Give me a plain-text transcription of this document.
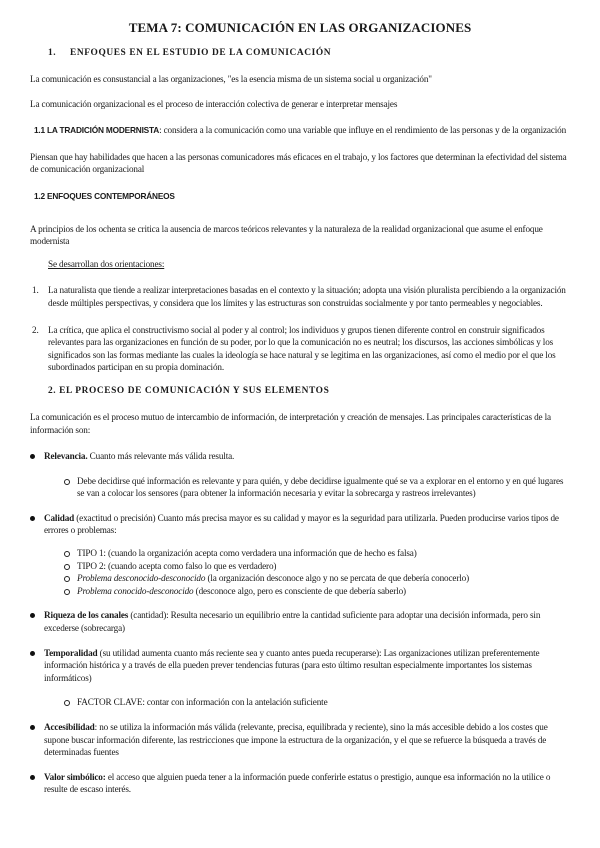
TEMA 7: COMUNICACIÓN EN LAS ORGANIZACIONES
1. ENFOQUES EN EL ESTUDIO DE LA COMUNICACIÓN

La comunicación es consustancial a las organizaciones, "es la esencia misma de un sistema social u organización"

La comunicación organizacional es el proceso de interacción colectiva de generar e interpretar mensajes

1.1 LA TRADICIÓN MODERNISTA: considera a la comunicación como una variable que influye en el rendimiento de las personas y de la organización

Piensan que hay habilidades que hacen a las personas comunicadores más eficaces en el trabajo, y los factores que determinan la efectividad del sistema de comunicación organizacional

1.2 ENFOQUES CONTEMPORÁNEOS

A principios de los ochenta se critica la ausencia de marcos teóricos relevantes y la naturaleza de la realidad organizacional que asume el enfoque modernista

Se desarrollan dos orientaciones:

1. La naturalista que tiende a realizar interpretaciones basadas en el contexto y la situación; adopta una visión pluralista percibiendo a la organización desde múltiples perspectivas, y considera que los límites y las estructuras son construidas socialmente y por tanto permeables y negociables.
2. La crítica, que aplica el constructivismo social al poder y al control; los individuos y grupos tienen diferente control en construir significados relevantes para las organizaciones en función de su poder, por lo que la comunicación no es neutral; los discursos, las acciones simbólicas y los significados son las formas mediante las cuales la ideología se hace natural y se legitima en las organizaciones, así como el medio por el que los subordinados participan en su propia dominación.
2. EL PROCESO DE COMUNICACIÓN Y SUS ELEMENTOS

La comunicación es el proceso mutuo de intercambio de información, de interpretación y creación de mensajes. Las principales características de la información son:

Relevancia. Cuanto más relevante más válida resulta.

Debe decidirse qué información es relevante y para quién, y debe decidirse igualmente qué se va a explorar en el entorno y en qué lugares se van a colocar los sensores (para obtener la información necesaria y evitar la sobrecarga y rastreos irrelevantes)

Calidad (exactitud o precisión) Cuanto más precisa mayor es su calidad y mayor es la seguridad para utilizarla. Pueden producirse varios tipos de errores o problemas:

TIPO 1: (cuando la organización acepta como verdadera una información que de hecho es falsa)
TIPO 2: (cuando acepta como falso lo que es verdadero)
Problema desconocido-desconocido (la organización desconoce algo y no se percata de que debería conocerlo)
Problema conocido-desconocido (desconoce algo, pero es consciente de que debería saberlo)

Riqueza de los canales (cantidad): Resulta necesario un equilibrio entre la cantidad suficiente para adoptar una decisión informada, pero sin excederse (sobrecarga)

Temporalidad (su utilidad aumenta cuanto más reciente sea y cuanto antes pueda recuperarse): Las organizaciones utilizan preferentemente información histórica y a través de ella pueden prever tendencias futuras (para esto último resultan especialmente importantes los sistemas informáticos)

FACTOR CLAVE: contar con información con la antelación suficiente

Accesibilidad: no se utiliza la información más válida (relevante, precisa, equilibrada y reciente), sino la más accesible debido a los costes que supone buscar información diferente, las restricciones que impone la estructura de la organización, y el que se refuerce la búsqueda a través de determinadas fuentes

Valor simbólico: el acceso que alguien pueda tener a la información puede conferirle estatus o prestigio, aunque esa información no la utilice o resulte de escaso interés.
